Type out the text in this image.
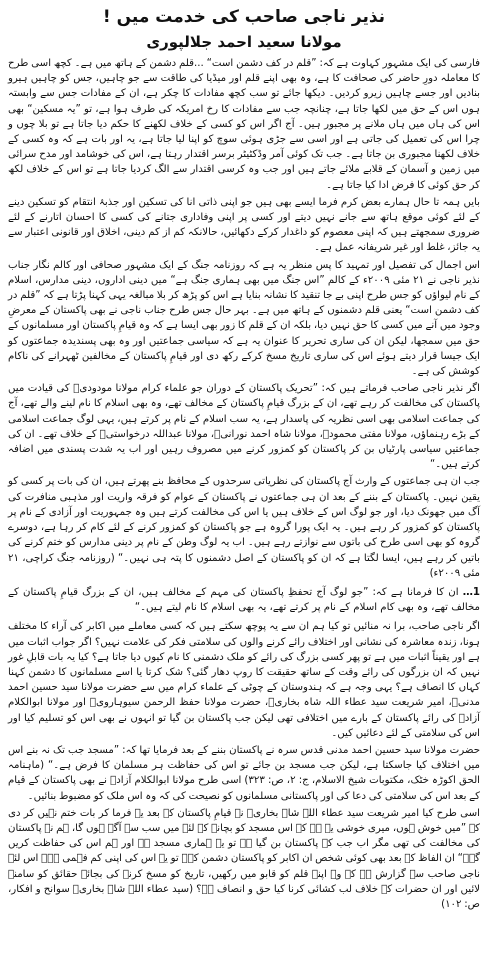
نذیر ناجی صاحب کی خدمت میں !
مولانا سعید احمد جلالپوری

فارسی کی ایک مشہور کہاوت ہے کہ: ”قلم در کف دشمن است“ ...قلم دشمن کے ہاتھ میں ہے۔ کچھ اسی طرح کا معاملہ دورِ حاضر کی صحافت کا ہے، وہ بھی اپنے قلم اور میڈیا کی طاقت سے جو چاہیں، جس کو چاہیں ہیرو بنادیں اور جسے چاہیں زیرو کردیں۔ دیکھا جائے تو سب کچھ مفادات کا چکر ہے، ان کے مفادات جس سے وابستہ ہوں اس کے حق میں لکھا جاتا ہے، چنانچہ جب سے مفادات کا رخ امریکہ کی طرف ہوا ہے، تو ”یہ مسکین“ بھی اس کی ہاں میں ہاں ملانے پر مجبور ہیں۔ آج اگر اس کو کسی کے خلاف لکھنے کا حکم دیا جاتا ہے تو بلا چوں و چرا اس کی تعمیل کی جاتی ہے اور اسی سے جڑی ہوئی سوچ کو اپنا لیا جاتا ہے، یہ اور بات ہے کہ وہ کسی کے خلاف لکھنا مجبوری بن جاتا ہے۔ جب تک کوئی آمر وڈکٹیٹر برسر اقتدار رہتا ہے، اس کی خوشامد اور مدح سرائی میں زمین و آسمان کے قلابے ملائے جاتے ہیں اور جب وہ کرسی اقتدار سے الگ کردیا جاتا ہے تو اس کے خلاف لکھ کر حق کوئی کا فرض ادا کیا جاتا ہے۔

بایں ہمہ تا حال ہمارے بعض کرم فرما ایسے بھی ہیں جو اپنی ذاتی انا کی تسکین اور جذبۂ انتقام کو تسکین دینے کے لئے کوئی موقع ہاتھ سے جانے نہیں دیتے اور کسی پر اپنی وفاداری جتانے کی کسی کا احسان اتارنے کے لئے ضروری سمجھتے ہیں کہ اپنی معصوم کو داغدار کرکے دکھائیں، حالانکہ کم از کم دینی، اخلاق اور قانونی اعتبار سے یہ جائز، غلط اور غیر شریفانہ عمل ہے۔

اس اجمال کی تفصیل اور تمہید کا پس منظر یہ ہے کہ روزنامہ جنگ کے ایک مشہور صحافی اور کالم نگار جناب نذیر ناجی نے ۲۱ مئی ۲۰۰۹ء کے کالم ”اس جنگ میں بھی ہماری جنگ ہے“ میں دینی اداروں، دینی مدارس، اسلام کے نام لیواؤں کو جس طرح اپنی بے جا تنقید کا نشانہ بنایا ہے اس کو پڑھ کر بلا مبالغہ یہی کہنا پڑتا ہے کہ ”قلم در کف دشمن است“ یعنی قلم دشمنوں کے ہاتھ میں ہے۔ بہر حال جس طرح جناب ناجی نے بھی پاکستان کے معرضِ وجود میں آنے میں کسی کا حق نہیں دیا، بلکہ ان کے قلم کا زور بھی ایسا ہے کہ وہ قیامِ پاکستان اور مسلمانوں کے حق میں سمجھا، لیکن ان کی ساری تحریر کا عنوان یہ ہے کہ سیاسی جماعتیں اور وہ بھی پسندیدہ جماعتوں کو ایک جیسا قرار دیتے ہوئے اس کی ساری تاریخ مسخ کرکے رکھ دی اور قیامِ پاکستان کے مخالفین ٹھہرانے کی ناکام کوشش کی ہے۔

اگر نذیر ناجی صاحب فرماتے ہیں کہ: ”تحریک پاکستان کے دوران جو علماء کرام مولانا مودودیؒ کی قیادت میں پاکستان کی مخالفت کر رہے تھے، ان کے بزرگ قیامِ پاکستان کے مخالف تھے، وہ بھی اسلام کا نام لینے والے تھے، آج کی جماعت اسلامی بھی اسی نظریہ کی پاسدار ہے، یہ سب اسلام کے نام پر کرتے ہیں، یہی لوگ جماعت اسلامی کے بڑے رہنماؤں، مولانا مفتی محمودؒ، مولانا شاہ احمد نورانیؒ، مولانا عبداللہ درخواستیؒ کے خلاف تھے۔ ان کی جماعتیں سیاسی پارٹیاں بن کر پاکستان کو کمزور کرنے میں مصروف رہیں اور اب یہ شدت پسندی میں اضافہ کرتے ہیں۔“

جب ان ہی جماعتوں کے وارث آج پاکستان کی نظریاتی سرحدوں کے محافظ بنے پھرتے ہیں، ان کی بات پر کسی کو یقین نہیں۔ پاکستان کے بننے کے بعد ان ہی جماعتوں نے پاکستان کے عوام کو فرقہ واریت اور مذہبی منافرت کی آگ میں جھونک دیا، اور جو لوگ اس کے خلاف ہیں یا اس کی مخالفت کرتے ہیں وہ جمہوریت اور آزادی کے نام پر پاکستان کو کمزور کر رہے ہیں۔ یہ ایک پورا گروہ ہے جو پاکستان کو کمزور کرنے کے لئے کام کر رہا ہے، دوسرے گروہ کو بھی اسی طرح کی باتوں سے نوازتے رہے ہیں۔ اب یہ لوگ وطن کے نام پر دینی مدارس کو ختم کرنے کی باتیں کر رہے ہیں، ایسا لگتا ہے کہ ان کو پاکستان کے اصل دشمنوں کا پتہ ہی نہیں۔“ (روزنامہ جنگ کراچی، ۲۱ مئی ۲۰۰۹ء)

1… ان کا فرمانا ہے کہ: ”جو لوگ آج تحفظِ پاکستان کی مہم کے مخالف ہیں، ان کے بزرگ قیامِ پاکستان کے مخالف تھے، وہ بھی کام اسلام کے نام پر کرتے تھے، یہ بھی اسلام کا نام لیتے ہیں۔“

اگر ناجی صاحب، برا نہ منائیں تو کیا ہم ان سے یہ پوچھ سکتے ہیں کہ کسی معاملے میں اکابر کی آراء کا مختلف ہونا، زندہ معاشرہ کی نشانی اور اختلاف رائے کرنے والوں کی سلامتی فکر کی علامت نہیں؟ اگر جواب اثبات میں ہے اور یقیناً اثبات میں ہے تو پھر کسی بزرگ کی رائے کو ملک دشمنی کا نام کیوں دیا جاتا ہے؟ کیا یہ بات قابلِ غور نہیں کہ ان بزرگوں کی رائے وقت کے ساتھ حقیقت کا روپ دھار گئی؟ شک کرتا یا اسے مسلمانوں کا دشمن کہنا کہاں کا انصاف ہے؟ یہی وجہ ہے کہ ہندوستان کے چوٹی کے علماء کرام میں سے حضرت مولانا سید حسین احمد مدنیؒ، امیر شریعت سید عطاء اللہ شاہ بخاریؒ، حضرت مولانا حفظ الرحمن سیوہارویؒ اور مولانا ابوالکلام آزادؒ کی رائے پاکستان کے بارے میں اختلافی تھی لیکن جب پاکستان بن گیا تو انہوں نے بھی اس کو تسلیم کیا اور اس کی سلامتی کے لئے دعائیں کیں۔

حضرت مولانا سید حسین احمد مدنی قدس سرہ نے پاکستان بننے کے بعد فرمایا تھا کہ: ”مسجد جب تک نہ بنے اس میں اختلاف کیا جاسکتا ہے، لیکن جب مسجد بن جائے تو اس کی حفاظت ہر مسلمان کا فرض ہے۔“ (ماہنامہ الحق اکوڑہ خٹک، مکتوبات شیخ الاسلام، ج: ۲، ص: ۳۲۳) اسی طرح مولانا ابوالکلام آزادؒ نے بھی پاکستان کے قیام کے بعد اس کی سلامتی کی دعا کی اور پاکستانی مسلمانوں کو نصیحت کی کہ وہ اس ملک کو مضبوط بنائیں۔

اسی طرح کیا امیر شریعت سید عطاء اللہ شاہ بخاریؒ نے قیامِ پاکستان کے بعد یہ فرما کر بات ختم نہیں کر دی کہ ”میں خوش ہوں، میری خوشی یہ ہے کہ اس مسجد کو بچانے کے لئے میں سب سے آگے ہوں گا، ہم نے پاکستان کی مخالفت کی تھی مگر اب جب کہ پاکستان بن گیا ہے تو یہ ہماری مسجد ہے اور ہم اس کی حفاظت کریں گے۔“ ان الفاظ کے بعد بھی کوئی شخص ان اکابر کو پاکستان دشمن کہے تو یہ اس کی اپنی کم فہمی ہے۔ اس لئے ناجی صاحب سے گزارش ہے کہ وہ اپنے قلم کو قابو میں رکھیں، تاریخ کو مسخ کرنے کی بجائے حقائق کو سامنے لائیں اور ان حضرات کے خلاف لب کشائی کرنا کیا حق و انصاف ہے؟ (سید عطاء اللہ شاہ بخاریؒ سوانح و افکار، ص: ۱۰۲)
